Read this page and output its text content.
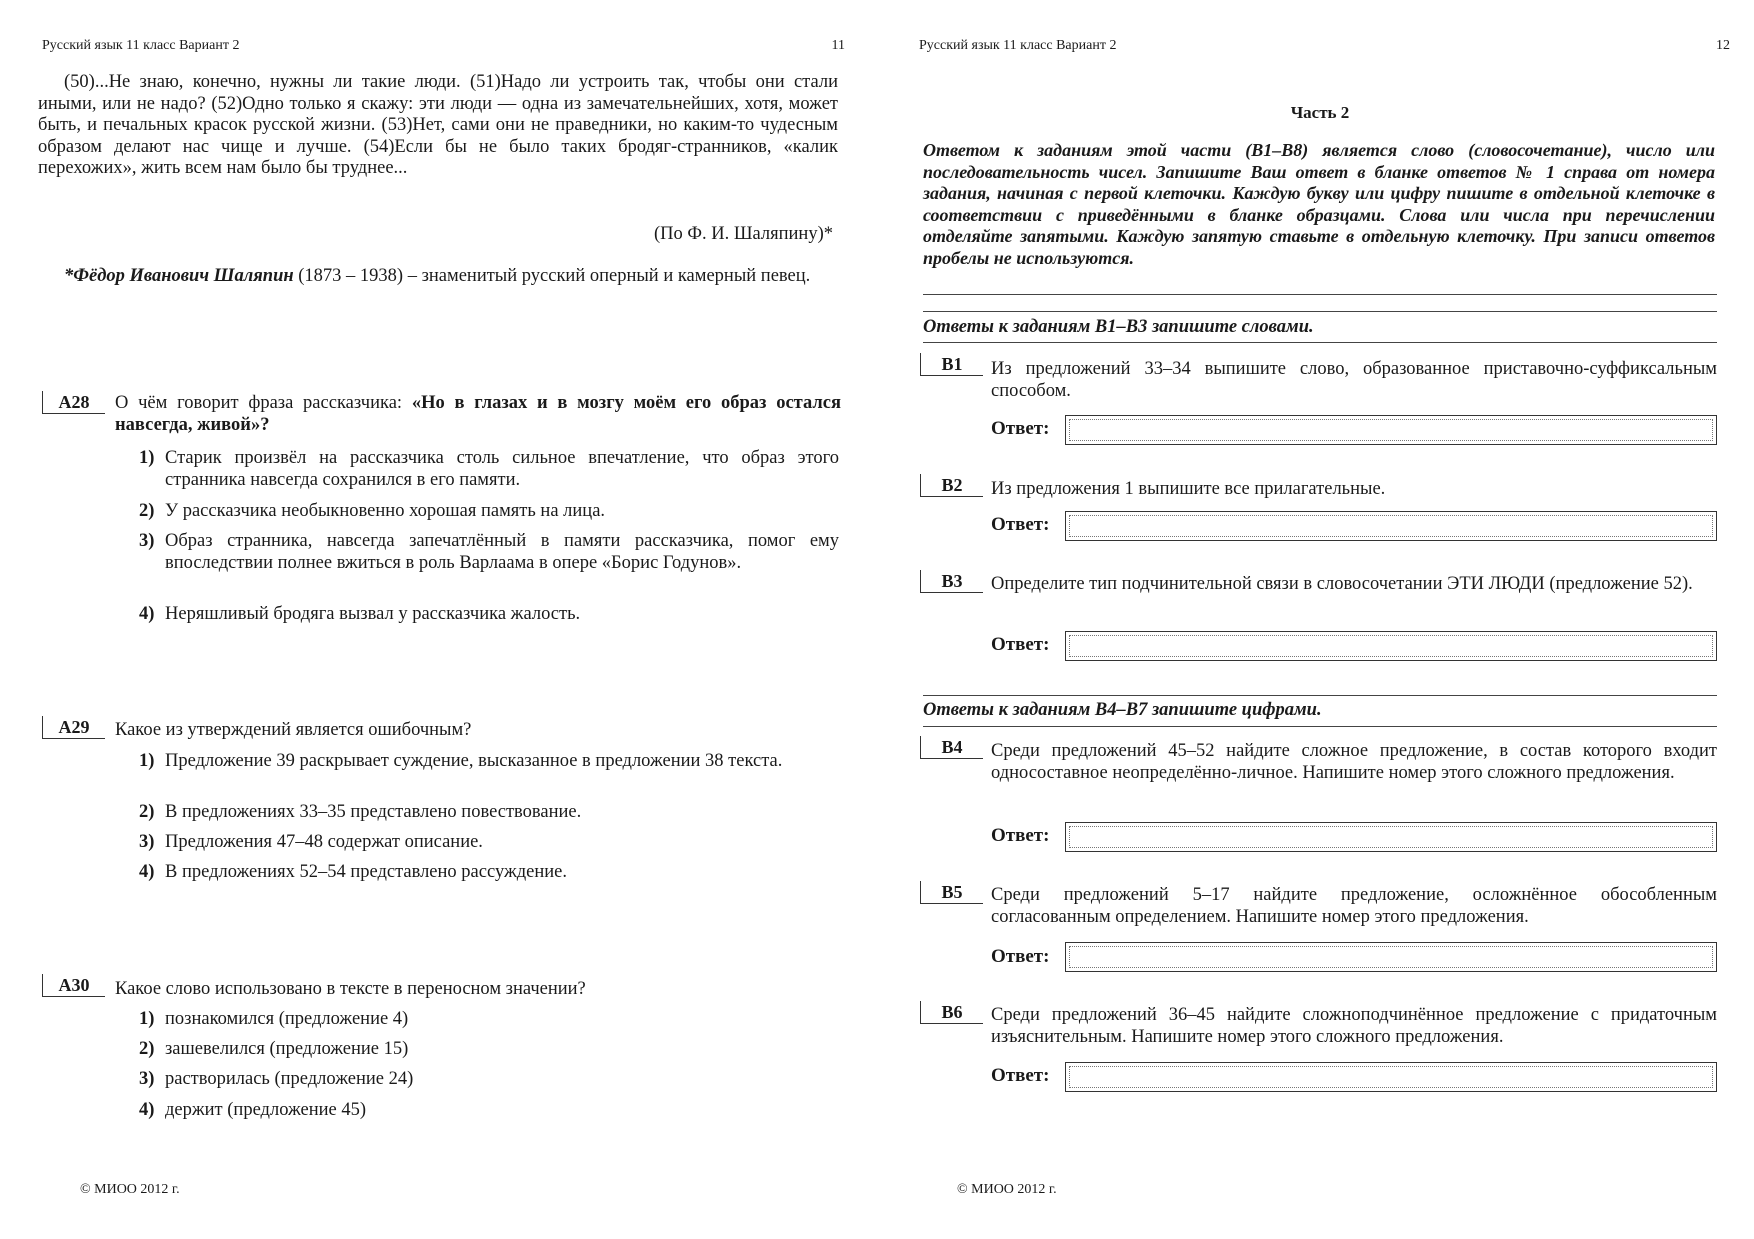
Русский язык 11 класс Вариант 2	11

(50)...Не знаю, конечно, нужны ли такие люди. (51)Надо ли устроить так, чтобы они стали иными, или не надо? (52)Одно только я скажу: эти люди — одна из замечательнейших, хотя, может быть, и печальных красок русской жизни. (53)Нет, сами они не праведники, но каким-то чудесным образом делают нас чище и лучше. (54)Если бы не было таких бродяг-странников, «калик перехожих», жить всем нам было бы труднее...

(По Ф. И. Шаляпину)*

*Фёдор Иванович Шаляпин (1873 – 1938) – знаменитый русский оперный и камерный певец.

А28	О чём говорит фраза рассказчика: «Но в глазах и в мозгу моём его образ остался навсегда, живой»?
1) Старик произвёл на рассказчика столь сильное впечатление, что образ этого странника навсегда сохранился в его памяти.
2) У рассказчика необыкновенно хорошая память на лица.
3) Образ странника, навсегда запечатлённый в памяти рассказчика, помог ему впоследствии полнее вжиться в роль Варлаама в опере «Борис Годунов».
4) Неряшливый бродяга вызвал у рассказчика жалость.
А29	Какое из утверждений является ошибочным?
1) Предложение 39 раскрывает суждение, высказанное в предложении 38 текста.
2) В предложениях 33–35 представлено повествование.
3) Предложения 47–48 содержат описание.
4) В предложениях 52–54 представлено рассуждение.
А30	Какое слово использовано в тексте в переносном значении?
1) познакомился (предложение 4)
2) зашевелился (предложение 15)
3) растворилась (предложение 24)
4) держит (предложение 45)
© МИОО 2012 г.
Русский язык 11 класс Вариант 2	12
Часть 2
Ответом к заданиям этой части (В1–В8) является слово (словосочетание), число или последовательность чисел. Запишите Ваш ответ в бланке ответов № 1 справа от номера задания, начиная с первой клеточки. Каждую букву или цифру пишите в отдельной клеточке в соответствии с приведёнными в бланке образцами. Слова или числа при перечислении отделяйте запятыми. Каждую запятую ставьте в отдельную клеточку. При записи ответов пробелы не используются.
Ответы к заданиям В1–В3 запишите словами.
В1	Из предложений 33–34 выпишите слово, образованное приставочно-суффиксальным способом.
Ответ:
В2	Из предложения 1 выпишите все прилагательные.
Ответ:
В3	Определите тип подчинительной связи в словосочетании ЭТИ ЛЮДИ (предложение 52).
Ответ:
Ответы к заданиям В4–В7 запишите цифрами.
В4	Среди предложений 45–52 найдите сложное предложение, в состав которого входит односоставное неопределённо-личное. Напишите номер этого сложного предложения.
Ответ:
В5	Среди предложений 5–17 найдите предложение, осложнённое обособленным согласованным определением. Напишите номер этого предложения.
Ответ:
В6	Среди предложений 36–45 найдите сложноподчинённое предложение с придаточным изъяснительным. Напишите номер этого сложного предложения.
Ответ:
© МИОО 2012 г.
